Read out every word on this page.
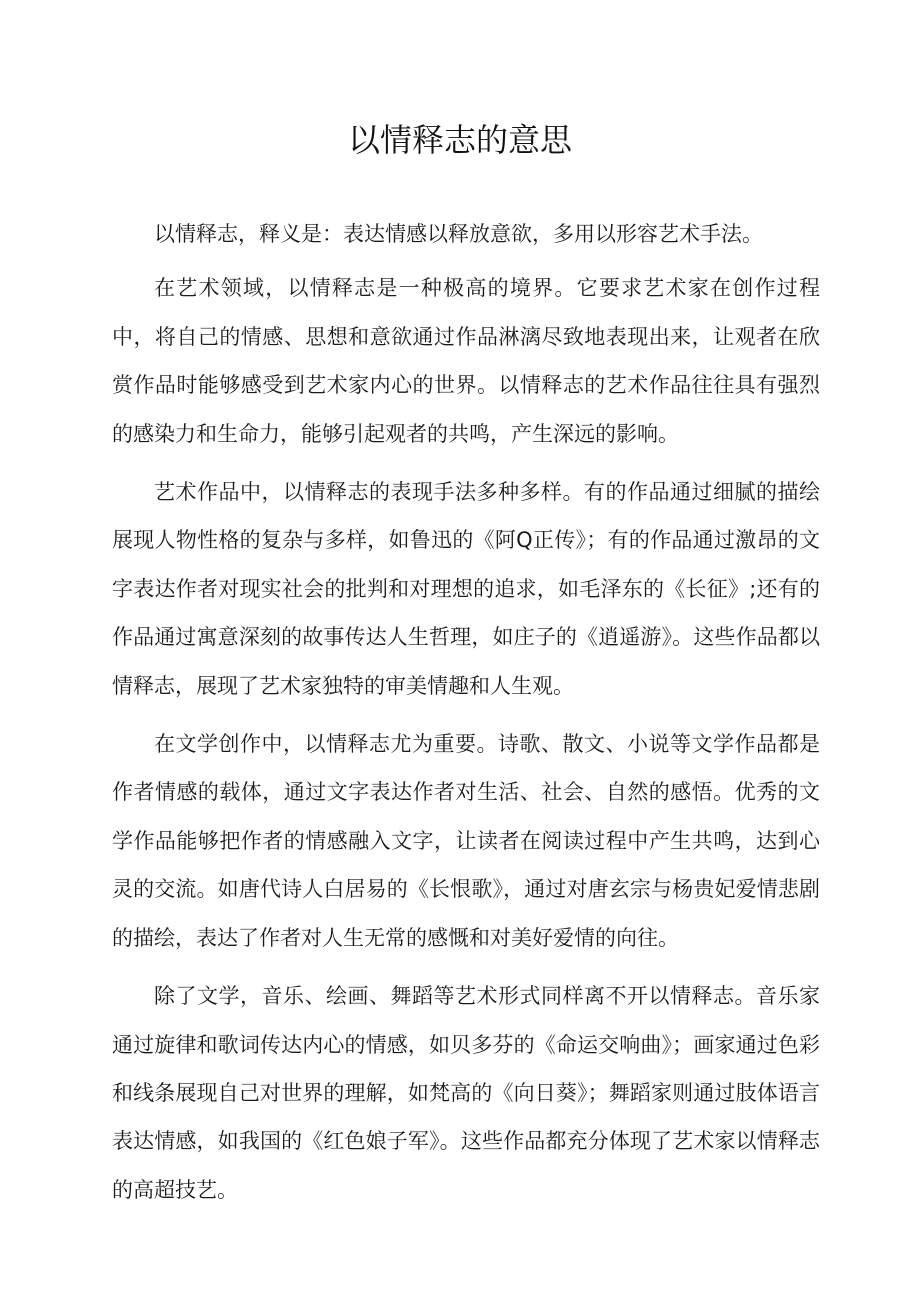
以情释志的意思

以情释志，释义是：表达情感以释放意欲，多用以形容艺术手法。

在艺术领域，以情释志是一种极高的境界。它要求艺术家在创作过程中，将自己的情感、思想和意欲通过作品淋漓尽致地表现出来，让观者在欣赏作品时能够感受到艺术家内心的世界。以情释志的艺术作品往往具有强烈的感染力和生命力，能够引起观者的共鸣，产生深远的影响。

艺术作品中，以情释志的表现手法多种多样。有的作品通过细腻的描绘展现人物性格的复杂与多样，如鲁迅的《阿Q正传》；有的作品通过激昂的文字表达作者对现实社会的批判和对理想的追求，如毛泽东的《长征》;还有的作品通过寓意深刻的故事传达人生哲理，如庄子的《逍遥游》。这些作品都以情释志，展现了艺术家独特的审美情趣和人生观。

在文学创作中，以情释志尤为重要。诗歌、散文、小说等文学作品都是作者情感的载体，通过文字表达作者对生活、社会、自然的感悟。优秀的文学作品能够把作者的情感融入文字，让读者在阅读过程中产生共鸣，达到心灵的交流。如唐代诗人白居易的《长恨歌》，通过对唐玄宗与杨贵妃爱情悲剧的描绘，表达了作者对人生无常的感慨和对美好爱情的向往。

除了文学，音乐、绘画、舞蹈等艺术形式同样离不开以情释志。音乐家通过旋律和歌词传达内心的情感，如贝多芬的《命运交响曲》；画家通过色彩和线条展现自己对世界的理解，如梵高的《向日葵》；舞蹈家则通过肢体语言表达情感，如我国的《红色娘子军》。这些作品都充分体现了艺术家以情释志的高超技艺。
